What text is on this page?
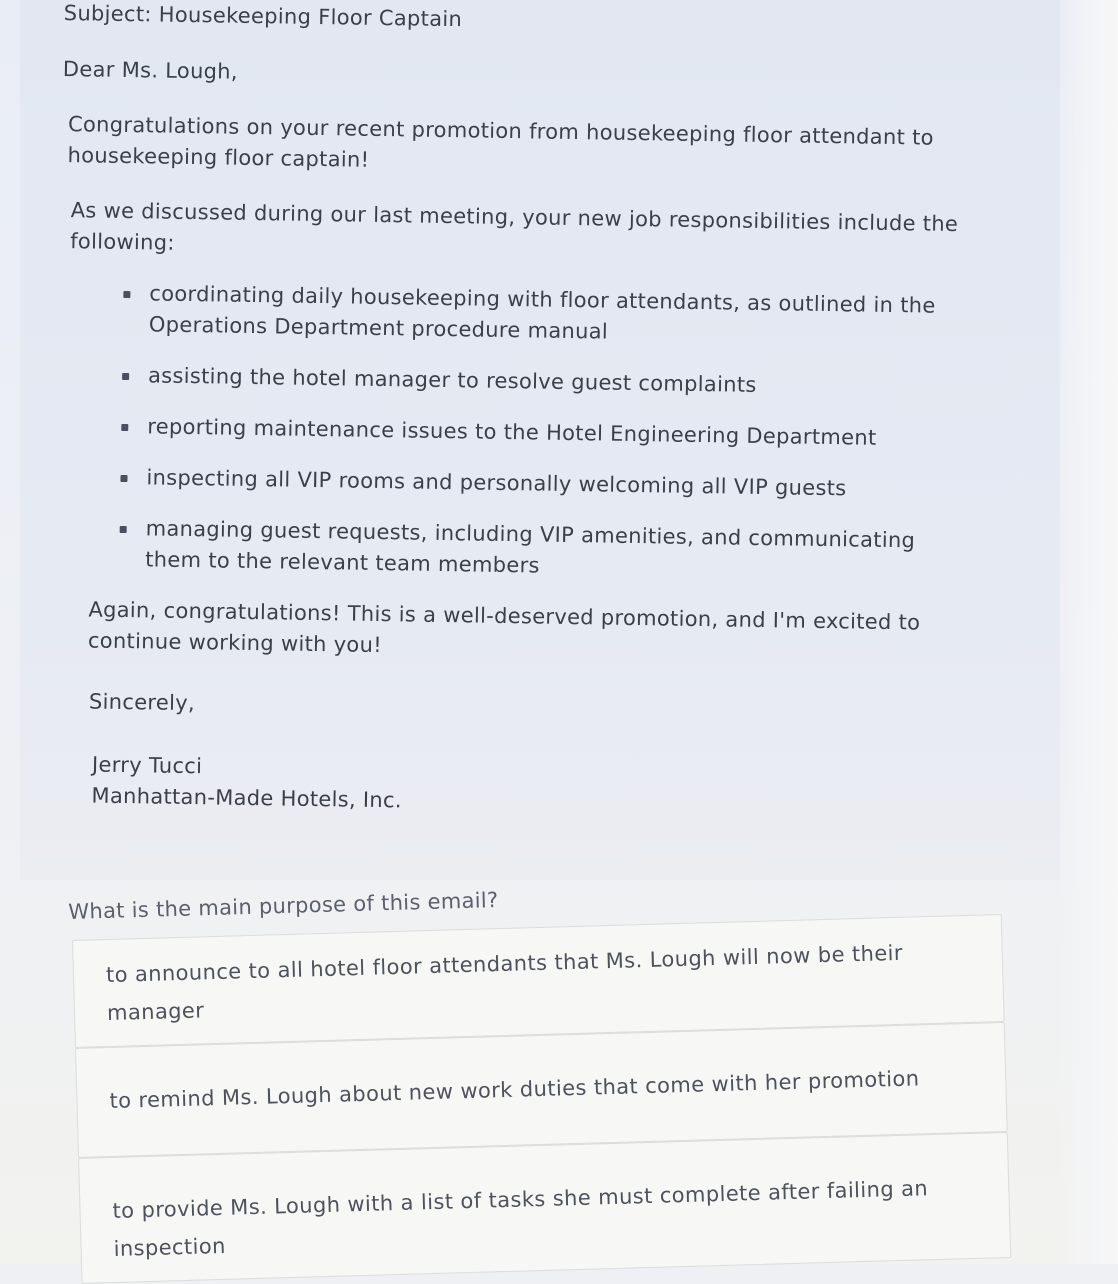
Subject: Housekeeping Floor Captain

Dear Ms. Lough,

Congratulations on your recent promotion from housekeeping floor attendant to housekeeping floor captain!

As we discussed during our last meeting, your new job responsibilities include the following:

coordinating daily housekeeping with floor attendants, as outlined in the Operations Department procedure manual
assisting the hotel manager to resolve guest complaints
reporting maintenance issues to the Hotel Engineering Department
inspecting all VIP rooms and personally welcoming all VIP guests
managing guest requests, including VIP amenities, and communicating them to the relevant team members

Again, congratulations! This is a well-deserved promotion, and I'm excited to continue working with you!

Sincerely,

Jerry Tucci
Manhattan-Made Hotels, Inc.
What is the main purpose of this email?
to announce to all hotel floor attendants that Ms. Lough will now be their manager
to remind Ms. Lough about new work duties that come with her promotion
to provide Ms. Lough with a list of tasks she must complete after failing an inspection
